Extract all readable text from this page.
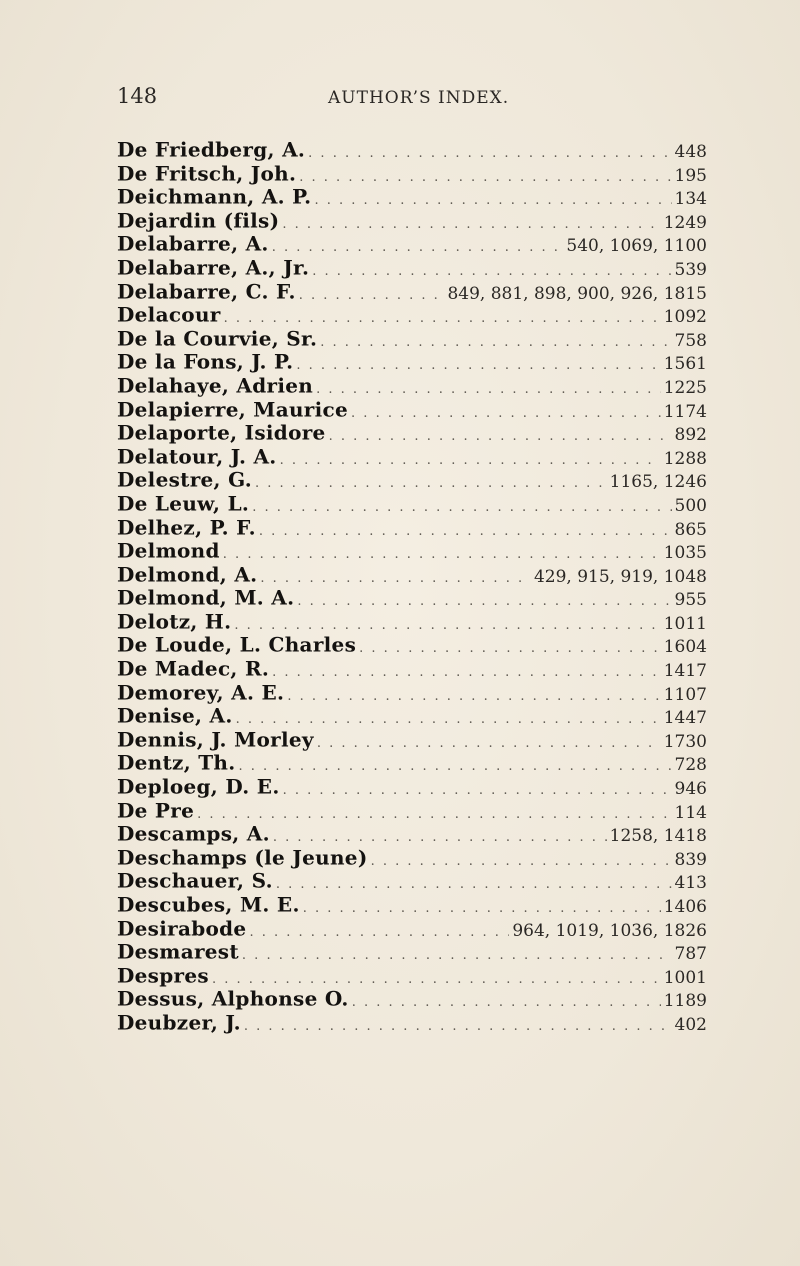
148	AUTHOR’S INDEX.
De Friedberg, A. . . .	448
De Fritsch, Joh. . . .	195
Deichmann, A. P. . . .	134
Dejardin (fils) . . .	1249
Delabarre, A. . . .	540, 1069, 1100
Delabarre, A., Jr. . . .	539
Delabarre, C. F. . . .	849, 881, 898, 900, 926, 1815
Delacour . . .	1092
De la Courvie, Sr. . . .	758
De la Fons, J. P. . . .	1561
Delahaye, Adrien . . .	1225
Delapierre, Maurice . . .	1174
Delaporte, Isidore . . .	892
Delatour, J. A. . . .	1288
Delestre, G. . . .	1165, 1246
De Leuw, L. . . .	500
Delhez, P. F. . . .	865
Delmond . . .	1035
Delmond, A. . . .	429, 915, 919, 1048
Delmond, M. A. . . .	955
Delotz, H. . . .	1011
De Loude, L. Charles . . .	1604
De Madec, R. . . .	1417
Demorey, A. E. . . .	1107
Denise, A. . . .	1447
Dennis, J. Morley . . .	1730
Dentz, Th. . . .	728
Deploeg, D. E. . . .	946
De Pre . . .	114
Descamps, A. . . .	1258, 1418
Deschamps (le Jeune) . . .	839
Deschauer, S. . . .	413
Descubes, M. E. . . .	1406
Desirabode . . .	964, 1019, 1036, 1826
Desmarest . . .	787
Despres . . .	1001
Dessus, Alphonse O. . . .	1189
Deubzer, J. . . .	402
